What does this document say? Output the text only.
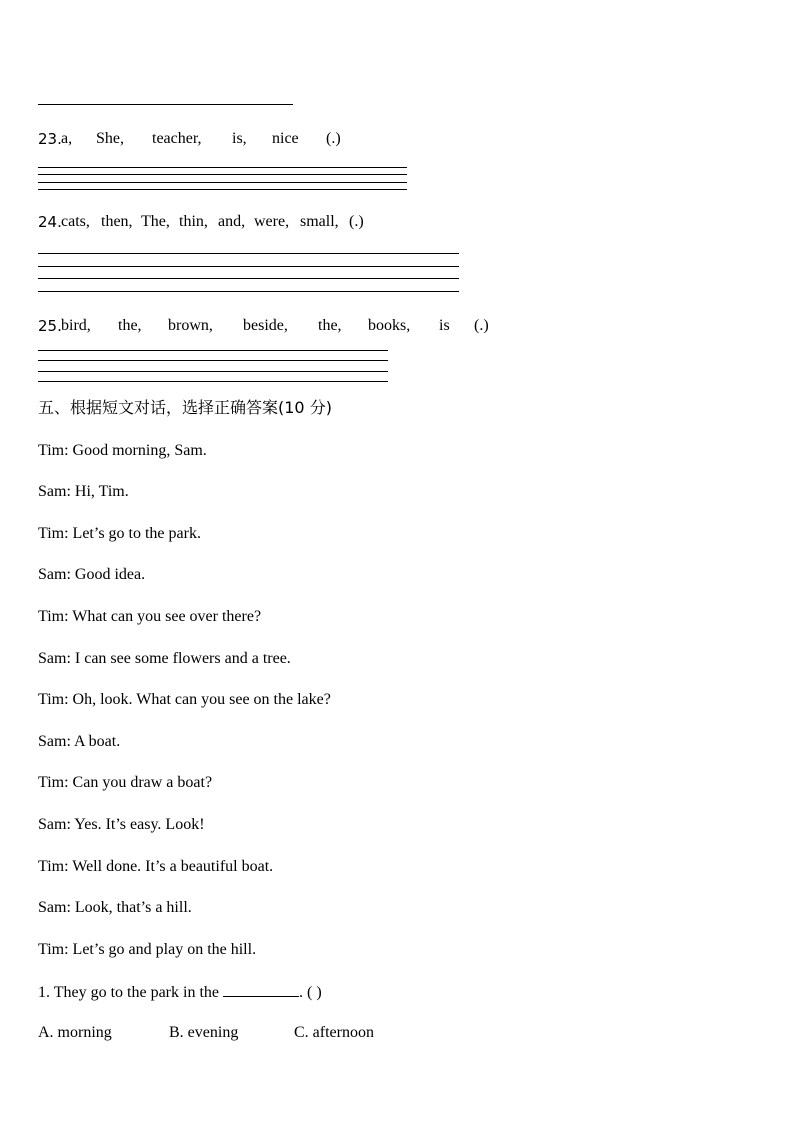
23. a, She, teacher, is, nice (.)
24. cats, then, The, thin, and, were, small, (.)
25. bird, the, brown, beside, the, books, is (.)
五、根据短文对话，选择正确答案(10 分)
Tim: Good morning, Sam.
Sam: Hi, Tim.
Tim: Let’s go to the park.
Sam: Good idea.
Tim: What can you see over there?
Sam: I can see some flowers and a tree.
Tim: Oh, look. What can you see on the lake?
Sam: A boat.
Tim: Can you draw a boat?
Sam: Yes. It’s easy. Look!
Tim: Well done. It’s a beautiful boat.
Sam: Look, that’s a hill.
Tim: Let’s go and play on the hill.
1. They go to the park in the	. ( )
A. morning	B. evening	C. afternoon
